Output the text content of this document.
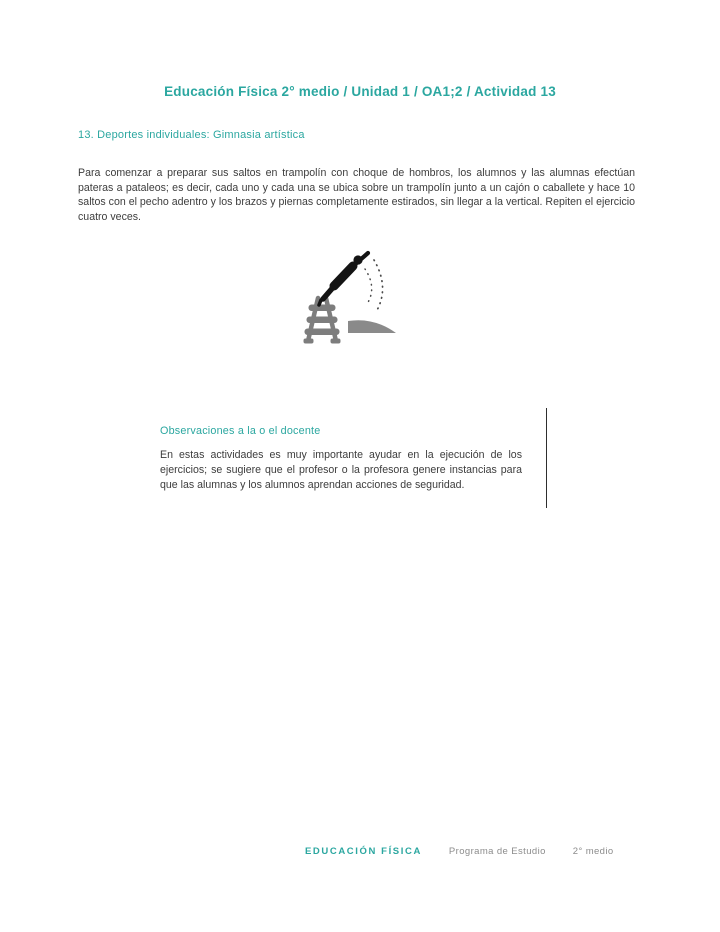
Educación Física 2° medio / Unidad 1 / OA1;2 / Actividad 13
13. Deportes individuales: Gimnasia artística

Para comenzar a preparar sus saltos en trampolín con choque de hombros, los alumnos y las alumnas efectúan pateras a pataleos; es decir, cada uno y cada una se ubica sobre un trampolín junto a un cajón o caballete y hace 10 saltos con el pecho adentro y los brazos y piernas completamente estirados, sin llegar a la vertical. Repiten el ejercicio cuatro veces.

Observaciones a la o el docente

En estas actividades es muy importante ayudar en la ejecución de los ejercicios; se sugiere que el profesor o la profesora genere instancias para que las alumnas y los alumnos aprendan acciones de seguridad.

EDUCACIÓN FÍSICA	Programa de Estudio	2° medio
